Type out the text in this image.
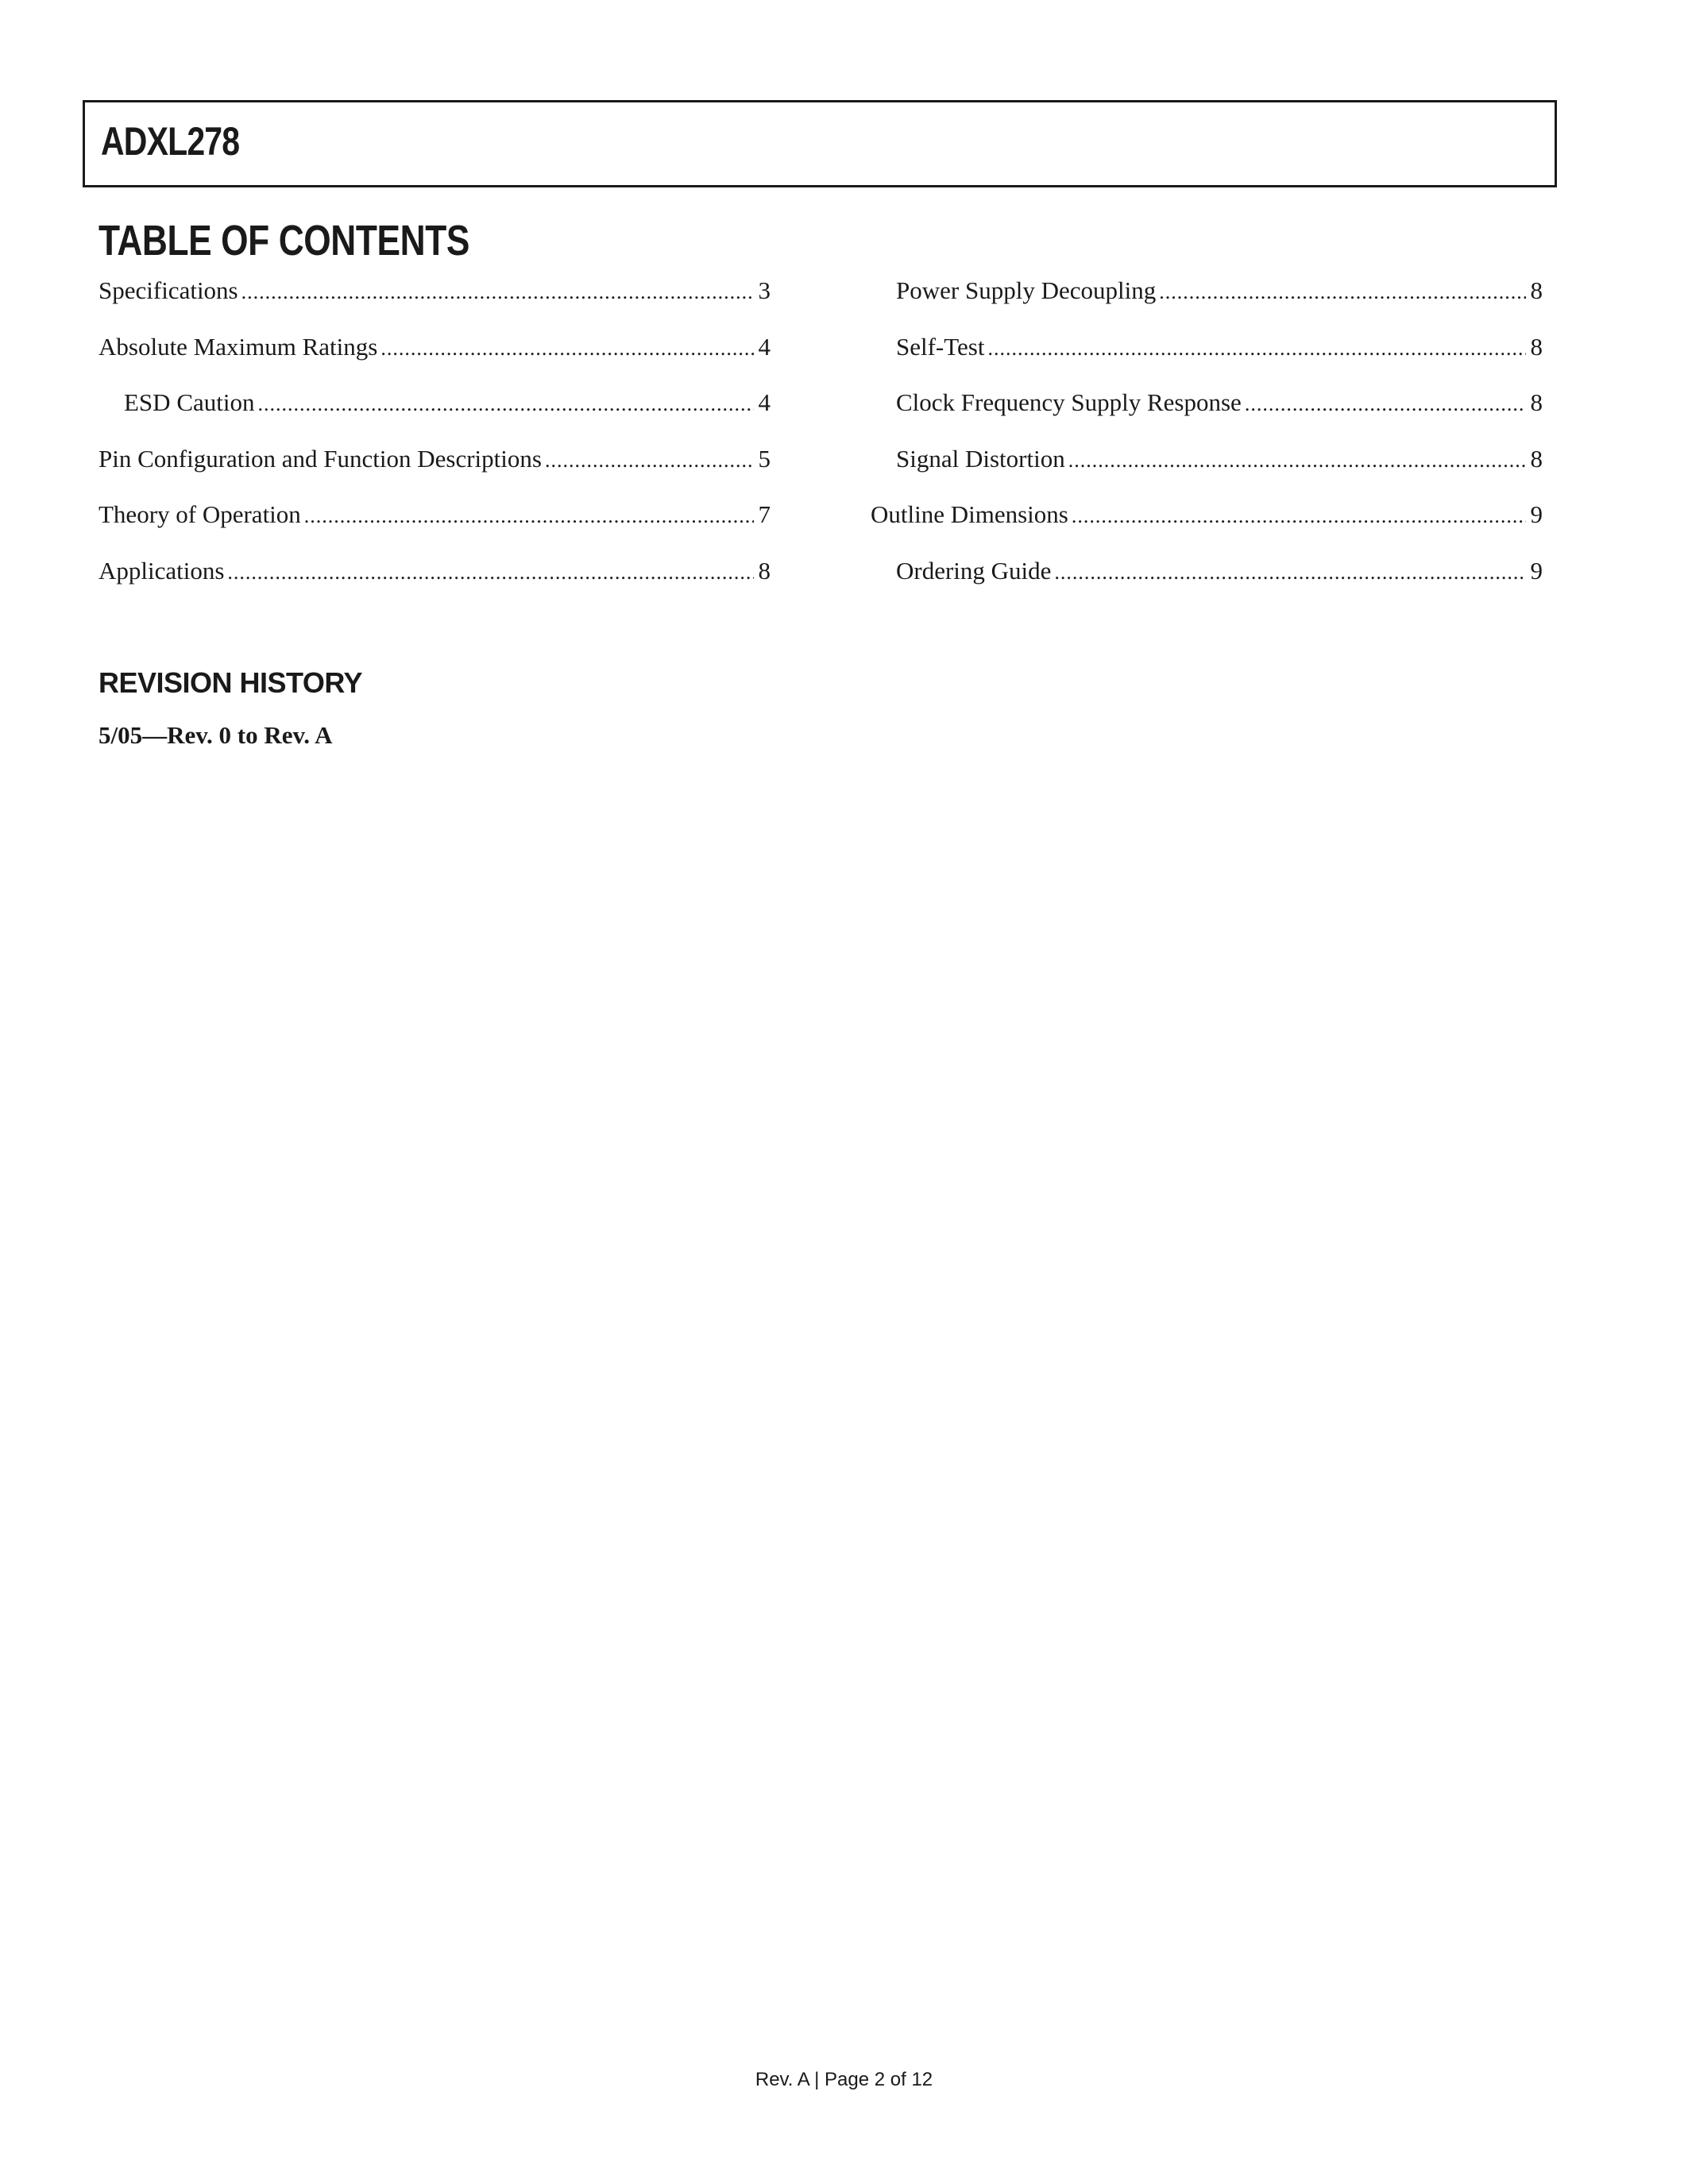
ADXL278
TABLE OF CONTENTS
Specifications .....	3
Absolute Maximum Ratings .....	4
ESD Caution .....	4
Pin Configuration and Function Descriptions .....	5
Theory of Operation .....	7
Applications .....	8
Power Supply Decoupling .....	8
Self-Test .....	8
Clock Frequency Supply Response .....	8
Signal Distortion .....	8
Outline Dimensions .....	9
Ordering Guide .....	9
REVISION HISTORY
5/05—Rev. 0 to Rev. A
Rev. A | Page 2 of 12
